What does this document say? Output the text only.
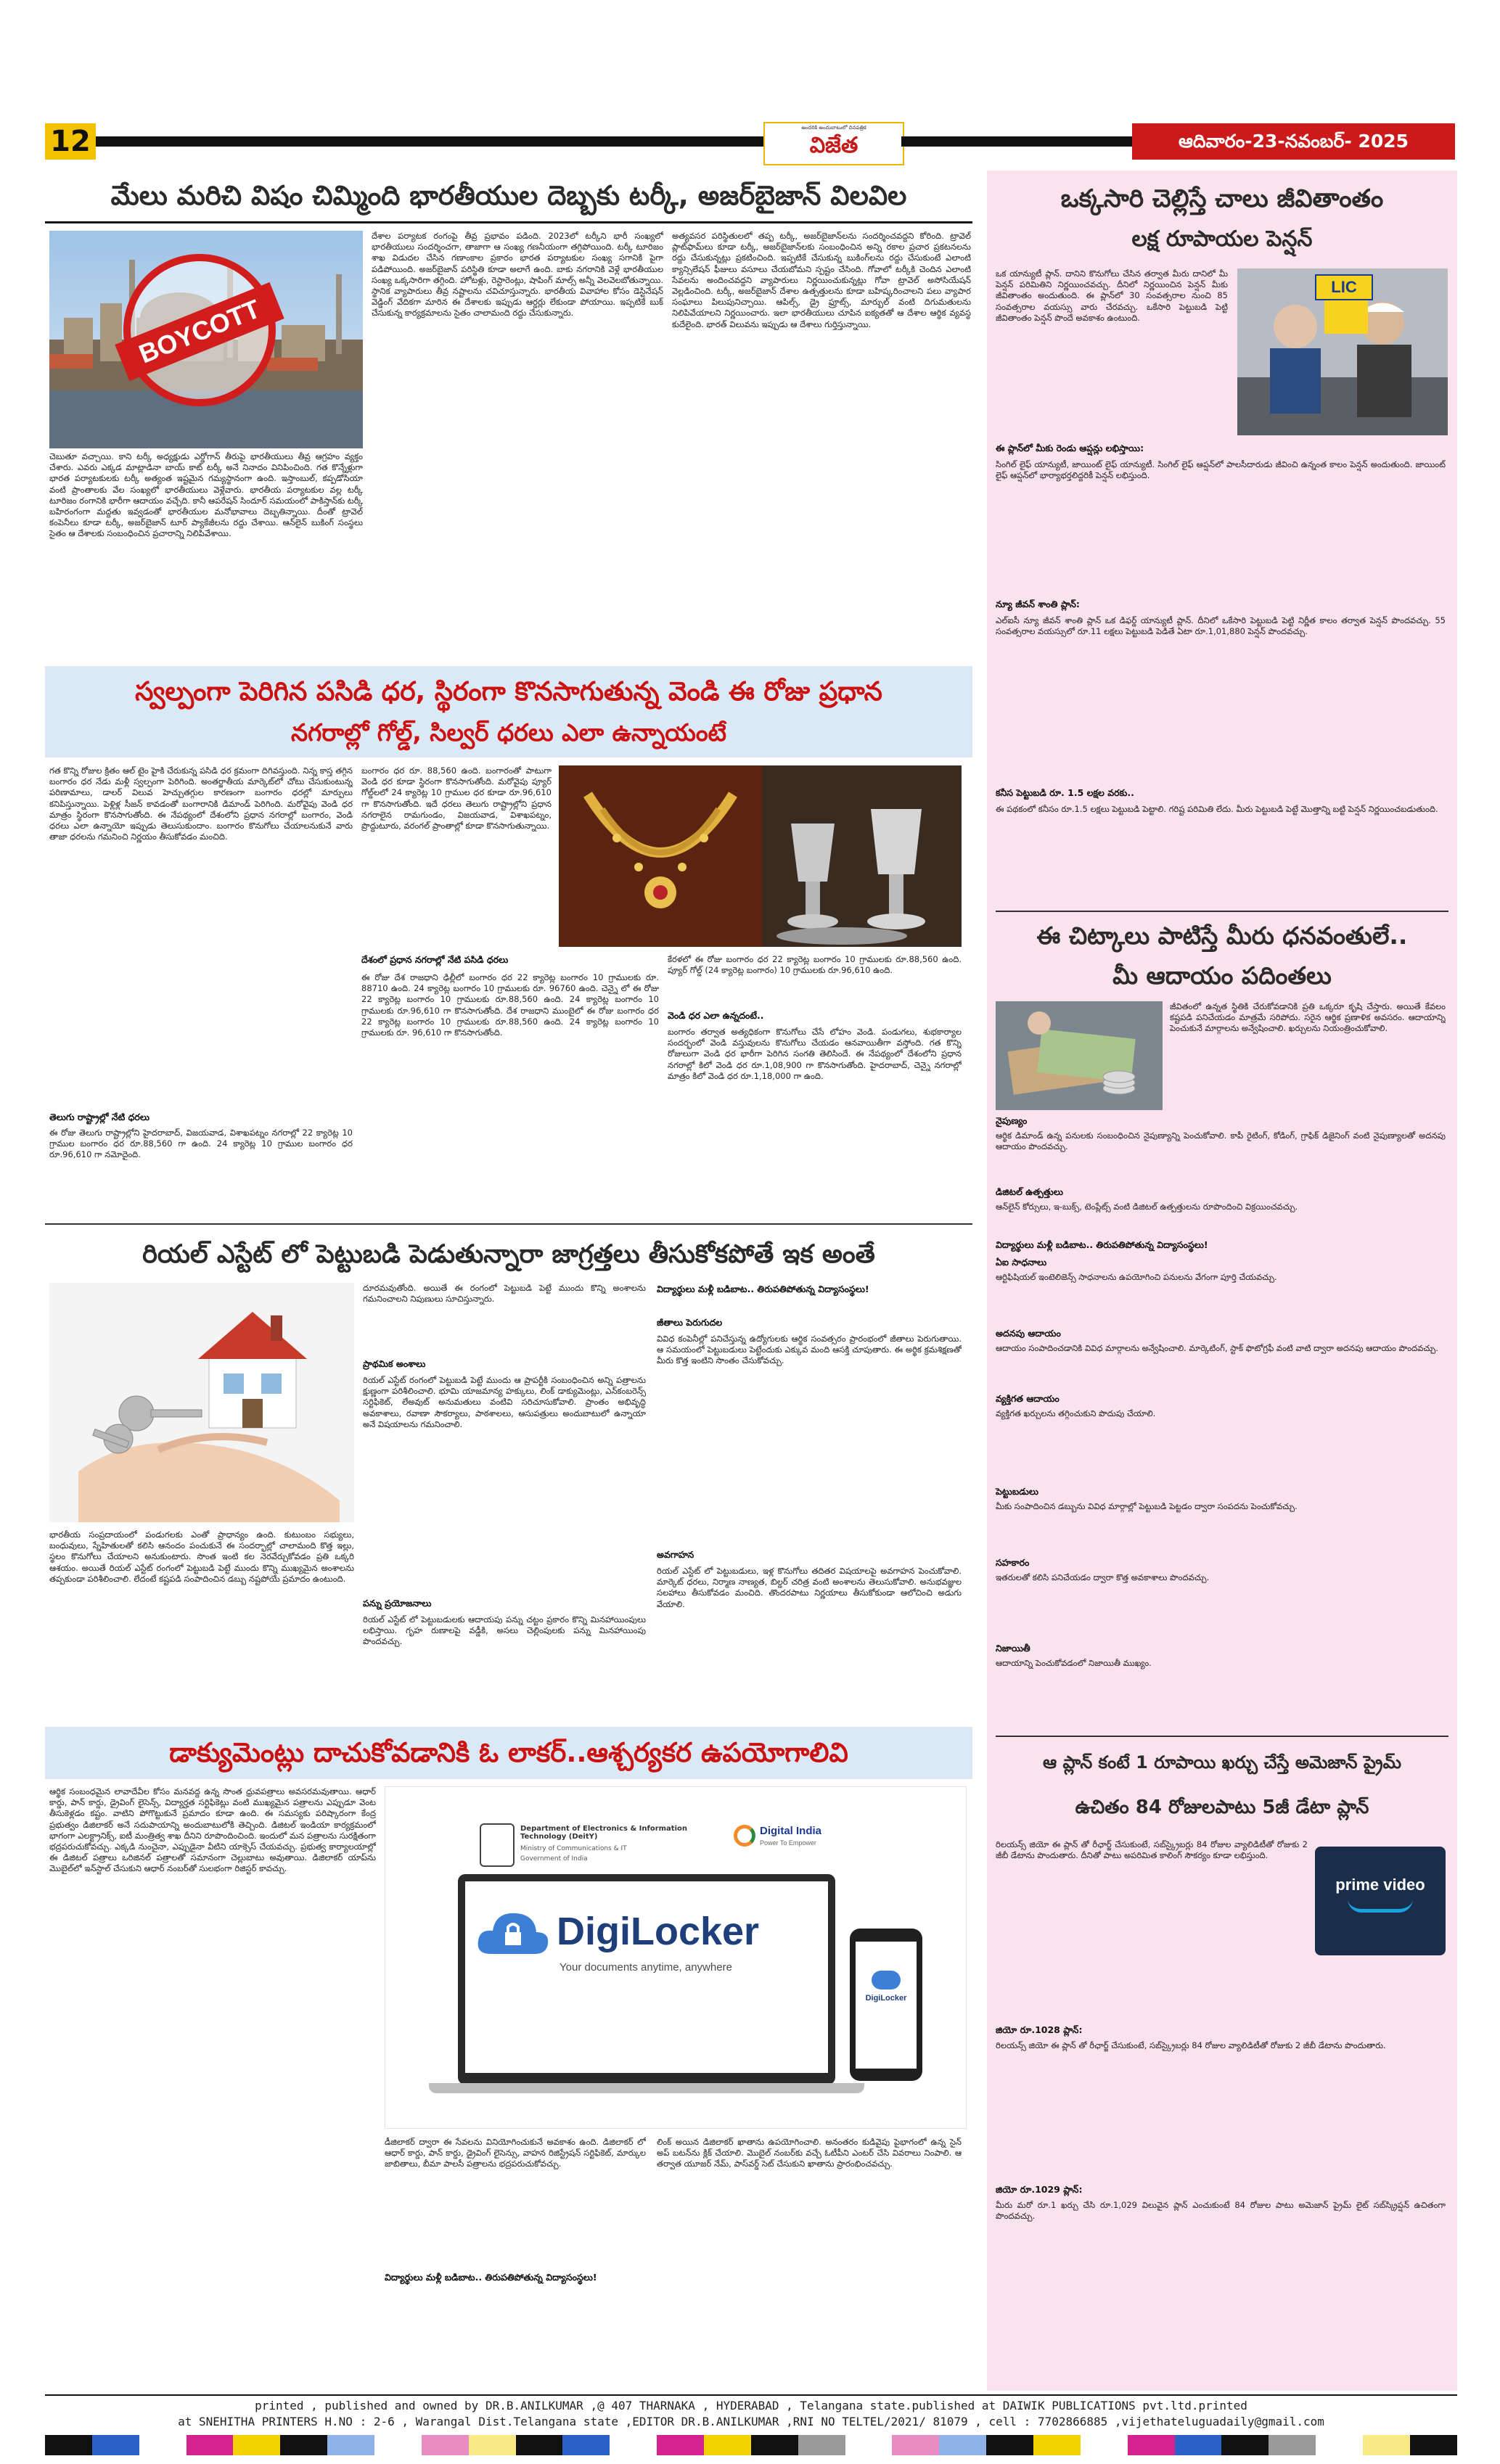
12	అందరికి అందుబాటులో దినపత్రిక
విజేత	ఆదివారం-23-నవంబర్- 2025
మేలు మరిచి విషం చిమ్మింది భారతీయుల దెబ్బకు టర్కీ, అజర్‌బైజాన్ విలవిల
BOYCOTT
చెబుతూ వచ్చాయి. కాని టర్కీ అధ్యక్షుడు ఎర్డోగాన్ తీరుపై భారతీయులు తీవ్ర ఆగ్రహం వ్యక్తం చేశారు. ఎవరు ఎక్కడ మాట్లాడినా బాయ్ కాట్ టర్కీ అనే నినాదం వినిపించింది. గత కొన్నేళ్లుగా భారత పర్యాటకులకు టర్కీ అత్యంత ఇష్టమైన గమ్యస్థానంగా ఉంది. ఇస్తాంబుల్, కప్పడోసియా వంటి ప్రాంతాలకు వేల సంఖ్యలో భారతీయులు వెళ్లేవారు. భారతీయ పర్యాటకుల వల్ల టర్కీ టూరిజం రంగానికి భారీగా ఆదాయం వచ్చేది. కానీ ఆపరేషన్ సిందూర్ సమయంలో పాకిస్తాన్‌కు టర్కీ బహిరంగంగా మద్దతు ఇవ్వడంతో భారతీయుల మనోభావాలు దెబ్బతిన్నాయి. దీంతో ట్రావెల్ కంపెనీలు కూడా టర్కీ, అజర్‌బైజాన్ టూర్ ప్యాకేజీలను రద్దు చేశాయి. ఆన్‌లైన్ బుకింగ్ సంస్థలు సైతం ఆ దేశాలకు సంబంధించిన ప్రచారాన్ని నిలిపివేశాయి.
దేశాల పర్యాటక రంగంపై తీవ్ర ప్రభావం పడింది. 2023లో టర్కీని భారీ సంఖ్యలో భారతీయులు సందర్శించగా, తాజాగా ఆ సంఖ్య గణనీయంగా తగ్గిపోయింది. టర్కీ టూరిజం శాఖ విడుదల చేసిన గణాంకాల ప్రకారం భారత పర్యాటకుల సంఖ్య సగానికి పైగా పడిపోయింది. అజర్‌బైజాన్ పరిస్థితి కూడా అలాగే ఉంది. బాకు నగరానికి వెళ్లే భారతీయుల సంఖ్య ఒక్కసారిగా తగ్గింది. హోటళ్లు, రెస్టారెంట్లు, షాపింగ్ మాల్స్ అన్నీ వెలవెలబోతున్నాయి. స్థానిక వ్యాపారులు తీవ్ర నష్టాలను చవిచూస్తున్నారు. భారతీయ వివాహాల కోసం డెస్టినేషన్ వెడ్డింగ్ వేదికగా మారిన ఈ దేశాలకు ఇప్పుడు ఆర్డర్లు లేకుండా పోయాయి. ఇప్పటికే బుక్ చేసుకున్న కార్యక్రమాలను సైతం చాలామంది రద్దు చేసుకున్నారు.
అత్యవసర పరిస్థితులలో తప్ప టర్కీ, అజర్‌బైజాన్‌లను సందర్శించవద్దని కోరింది. ట్రావెల్ ప్లాట్‌ఫామ్‌లు కూడా టర్కీ, అజర్‌బైజాన్‌లకు సంబంధించిన అన్ని రకాల ప్రచార ప్రకటనలను రద్దు చేసుకున్నట్లు ప్రకటించింది. ఇప్పటికే చేసుకున్న బుకింగ్‌లను రద్దు చేసుకుంటే ఎలాంటి క్యాన్సిలేషన్ ఫీజులు వసూలు చేయబోమని స్పష్టం చేసింది. గోవాలో టర్కీకి చెందిన ఎలాంటి సేవలను అందించవద్దని వ్యాపారులు నిర్ణయించుకున్నట్లు గోవా ట్రావెల్ అసోసియేషన్ వెల్లడించింది. టర్కీ, అజర్‌బైజాన్ దేశాల ఉత్పత్తులను కూడా బహిష్కరించాలని పలు వ్యాపార సంఘాలు పిలుపునిచ్చాయి. ఆపిల్స్, డ్రై ఫ్రూట్స్, మార్బుల్ వంటి దిగుమతులను నిలిపివేయాలని నిర్ణయించారు. ఇలా భారతీయులు చూపిన ఐక్యతతో ఆ దేశాల ఆర్థిక వ్యవస్థ కుదేలైంది. భారత్ విలువను ఇప్పుడు ఆ దేశాలు గుర్తిస్తున్నాయి.
స్వల్పంగా పెరిగిన పసిడి ధర, స్థిరంగా కొనసాగుతున్న వెండి ఈ రోజు ప్రధాన
నగరాల్లో గోల్డ్, సిల్వర్ ధరలు ఎలా ఉన్నాయంటే
గత కొన్ని రోజుల క్రితం ఆల్ టైం హైకి చేరుకున్న పసిడి ధర క్రమంగా దిగివస్తుంది. నిన్న కాస్త తగ్గిన బంగారం ధర నేడు మళ్లీ స్వల్పంగా పెరిగింది. అంతర్జాతీయ మార్కెట్‌లో చోటు చేసుకుంటున్న పరిణామాలు, డాలర్ విలువ హెచ్చుతగ్గుల కారణంగా బంగారం ధరల్లో మార్పులు కనిపిస్తున్నాయి. పెళ్లిళ్ల సీజన్ కావడంతో బంగారానికి డిమాండ్ పెరిగింది. మరోవైపు వెండి ధర మాత్రం స్థిరంగా కొనసాగుతోంది. ఈ నేపథ్యంలో దేశంలోని ప్రధాన నగరాల్లో బంగారం, వెండి ధరలు ఎలా ఉన్నాయో ఇప్పుడు తెలుసుకుందాం. బంగారం కొనుగోలు చేయాలనుకునే వారు తాజా ధరలను గమనించి నిర్ణయం తీసుకోవడం మంచిది.
తెలుగు రాష్ట్రాల్లో నేటి ధరలు
ఈ రోజు తెలుగు రాష్ట్రాల్లోని హైదరాబాద్, విజయవాడ, విశాఖపట్నం నగరాల్లో 22 క్యారెట్ల 10 గ్రాముల బంగారం ధర రూ.88,560 గా ఉంది. 24 క్యారెట్ల 10 గ్రాముల బంగారం ధర రూ.96,610 గా నమోదైంది.
బంగారం ధర రూ. 88,560 ఉంది. బంగారంతో పాటుగా వెండి ధర కూడా స్థిరంగా కొనసాగుతోంది. మరోవైపు ప్యూర్ గోల్డ్‌లలో 24 క్యారెట్ల 10 గ్రాముల ధర కూడా రూ.96,610 గా కొనసాగుతోంది. ఇదే ధరలు తెలుగు రాష్ట్రాల్లోని ప్రధాన నగరాలైన రామగుండం, విజయవాడ, విశాఖపట్నం, ప్రొద్దుటూరు, వరంగల్ ప్రాంతాల్లో కూడా కొనసాగుతున్నాయి.
దేశంలో ప్రధాన నగరాల్లో నేటి పసిడి ధరలు
ఈ రోజు దేశ రాజధాని ఢిల్లీలో బంగారం ధర 22 క్యారెట్ల బంగారం 10 గ్రాములకు రూ. 88710 ఉంది. 24 క్యారెట్ల బంగారం 10 గ్రాములకు రూ. 96760 ఉంది. చెన్నై లో ఈ రోజు 22 క్యారెట్ల బంగారం 10 గ్రాములకు రూ.88,560 ఉంది. 24 క్యారెట్ల బంగారం 10 గ్రాములకు రూ.96,610 గా కొనసాగుతోంది. దేశ రాజధాని ముంబైలో ఈ రోజు బంగారం ధర 22 క్యారెట్ల బంగారం 10 గ్రాములకు రూ.88,560 ఉంది. 24 క్యారెట్ల బంగారం 10 గ్రాములకు రూ. 96,610 గా కొనసాగుతోంది.
కేరళలో ఈ రోజు బంగారం ధర 22 క్యారెట్ల బంగారం 10 గ్రాములకు రూ.88,560 ఉంది. ప్యూర్ గోల్డ్ (24 క్యారెట్ల బంగారం) 10 గ్రాములకు రూ.96,610 ఉంది.
వెండి ధర ఎలా ఉన్నదంటే..
బంగారం తర్వాత అత్యధికంగా కొనుగోలు చేసే లోహం వెండి. పండుగలు, శుభకార్యాల సందర్భంలో వెండి వస్తువులను కొనుగోలు చేయడం ఆనవాయితీగా వస్తోంది. గత కొన్ని రోజులుగా వెండి ధర భారీగా పెరిగిన సంగతి తెలిసిందే. ఈ నేపథ్యంలో దేశంలోని ప్రధాన నగరాల్లో కిలో వెండి ధర రూ.1,08,900 గా కొనసాగుతోంది. హైదరాబాద్, చెన్నై నగరాల్లో మాత్రం కిలో వెండి ధర రూ.1,18,000 గా ఉంది.
రియల్ ఎస్టేట్ లో పెట్టుబడి పెడుతున్నారా జాగ్రత్తలు తీసుకోకపోతే ఇక అంతే
భారతీయ సంప్రదాయంలో పండుగలకు ఎంతో ప్రాధాన్యం ఉంది. కుటుంబం సభ్యులు, బంధువులు, స్నేహితులతో కలిసి ఆనందం పంచుకునే ఈ సందర్భాల్లో చాలామంది కొత్త ఇల్లు, స్థలం కొనుగోలు చేయాలని అనుకుంటారు. సొంత ఇంటి కల నెరవేర్చుకోవడం ప్రతి ఒక్కరి ఆశయం. అయితే రియల్ ఎస్టేట్ రంగంలో పెట్టుబడి పెట్టే ముందు కొన్ని ముఖ్యమైన అంశాలను తప్పకుండా పరిశీలించాలి. లేదంటే కష్టపడి సంపాదించిన డబ్బు నష్టపోయే ప్రమాదం ఉంటుంది.
దూరమవుతోంది. అయితే ఈ రంగంలో పెట్టుబడి పెట్టే ముందు కొన్ని అంశాలను గమనించాలని నిపుణులు సూచిస్తున్నారు.
ప్రాథమిక అంశాలు
రియల్ ఎస్టేట్ రంగంలో పెట్టుబడి పెట్టే ముందు ఆ ప్రాపర్టీకి సంబంధించిన అన్ని పత్రాలను క్షుణ్ణంగా పరిశీలించాలి. భూమి యాజమాన్య హక్కులు, లింక్ డాక్యుమెంట్లు, ఎన్‌కంబరెన్స్ సర్టిఫికెట్, లేఅవుట్ అనుమతులు వంటివి సరిచూసుకోవాలి. ప్రాంతం అభివృద్ధి అవకాశాలు, రవాణా సౌకర్యాలు, పాఠశాలలు, ఆసుపత్రులు అందుబాటులో ఉన్నాయా అనే విషయాలను గమనించాలి.
పన్ను ప్రయోజనాలు
రియల్ ఎస్టేట్ లో పెట్టుబడులకు ఆదాయపు పన్ను చట్టం ప్రకారం కొన్ని మినహాయింపులు లభిస్తాయి. గృహ రుణాలపై వడ్డీకి, అసలు చెల్లింపులకు పన్ను మినహాయింపు పొందవచ్చు.
విద్యార్థులు మళ్లీ బడిబాట.. తిరుపతిపోతున్న విద్యాసంస్థలు!
జీతాలు పెరుగుదల
వివిధ కంపెనీల్లో పనిచేస్తున్న ఉద్యోగులకు ఆర్థిక సంవత్సరం ప్రారంభంలో జీతాలు పెరుగుతాయి. ఆ సమయంలో పెట్టుబడులు పెట్టేందుకు ఎక్కువ మంది ఆసక్తి చూపుతారు. ఈ అర్థిక క్రమశిక్షణతో మీరు కొత్త ఇంటిని సొంతం చేసుకోవచ్చు.
అవగాహన
రియల్ ఎస్టేట్ లో పెట్టుబడులు, ఇళ్ల కొనుగోలు తదితర విషయాలపై అవగాహన పెంచుకోవాలి. మార్కెట్ ధరలు, నిర్మాణ నాణ్యత, బిల్డర్ చరిత్ర వంటి అంశాలను తెలుసుకోవాలి. అనుభవజ్ఞుల సలహాలు తీసుకోవడం మంచిది. తొందరపాటు నిర్ణయాలు తీసుకోకుండా ఆలోచించి అడుగు వేయాలి.
డాక్యుమెంట్లు దాచుకోవడానికి ఓ లాకర్..ఆశ్చర్యకర ఉపయోగాలివి
ఆర్థిక సంబంధమైన లావాదేవీల కోసం మనవద్ద ఉన్న సొంత ధ్రువపత్రాలు అవసరమవుతాయి. ఆధార్ కార్డు, పాన్ కార్డు, డ్రైవింగ్ లైసెన్స్, విద్యార్హత సర్టిఫికెట్లు వంటి ముఖ్యమైన పత్రాలను ఎప్పుడూ వెంట తీసుకెళ్లడం కష్టం. వాటిని పోగొట్టుకునే ప్రమాదం కూడా ఉంది. ఈ సమస్యకు పరిష్కారంగా కేంద్ర ప్రభుత్వం డిజిలాకర్ అనే సదుపాయాన్ని అందుబాటులోకి తెచ్చింది. డిజిటల్ ఇండియా కార్యక్రమంలో భాగంగా ఎలక్ట్రానిక్స్, ఐటీ మంత్రిత్వ శాఖ దీనిని రూపొందించింది. ఇందులో మన పత్రాలను సురక్షితంగా భద్రపరుచుకోవచ్చు. ఎక్కడి నుంచైనా, ఎప్పుడైనా వీటిని యాక్సెస్ చేయవచ్చు. ప్రభుత్వ కార్యాలయాల్లో ఈ డిజిటల్ పత్రాలు ఒరిజినల్ పత్రాలతో సమానంగా చెల్లుబాటు అవుతాయి. డిజిలాకర్ యాప్‌ను మొబైల్‌లో ఇన్‌స్టాల్ చేసుకుని ఆధార్ నంబర్‌తో సులభంగా రిజిస్టర్ కావచ్చు.
Department of Electronics & Information Technology (DeitY)
Ministry of Communications & IT
Government of India
Digital India
Power To Empower
DigiLocker
Your documents anytime, anywhere
DigiLocker
డీజిలాకర్ ద్వారా ఈ సేవలను వినియోగించుకునే అవకాశం ఉంది. డిజిలాకర్ లో ఆధార్ కార్డు, పాన్ కార్డు, డ్రైవింగ్ లైసెన్సు, వాహన రిజిస్ట్రేషన్ సర్టిఫికెట్, మార్కుల జాబితాలు, బీమా పాలసీ పత్రాలను భద్రపరుచుకోవచ్చు.
విద్యార్థులు మళ్లీ బడిబాట.. తిరుపతిపోతున్న విద్యాసంస్థలు!
లింక్ అయిన డిజిలాకర్ ఖాతాను ఉపయోగించాలి. అనంతరం కుడివైపు పైభాగంలో ఉన్న సైన్ అప్ బటన్‌ను క్లిక్ చేయాలి. మొబైల్ నంబర్‌కు వచ్చే ఓటీపీని ఎంటర్ చేసి వివరాలు నింపాలి. ఆ తర్వాత యూజర్ నేమ్, పాస్‌వర్డ్ సెట్ చేసుకుని ఖాతాను ప్రారంభించవచ్చు.
ఒక్కసారి చెల్లిస్తే చాలు జీవితాంతం
లక్ష రూపాయల పెన్షన్
ఒక యాన్యుటీ ప్లాన్. దానిని కొనుగోలు చేసిన తర్వాత మీరు దానిలో మీ పెన్షన్ పరిమితిని నిర్ణయించవచ్చు. దీనిలో నిర్ణయించిన పెన్షన్ మీకు జీవితాంతం అందుతుంది. ఈ ప్లాన్‌లో 30 సంవత్సరాల నుంచి 85 సంవత్సరాల వయస్సు వారు చేరవచ్చు. ఒకేసారి పెట్టుబడి పెట్టి జీవితాంతం పెన్షన్ పొందే అవకాశం ఉంటుంది.
LIC
ఈ ప్లాన్‌లో మీకు రెండు ఆప్షన్లు లభిస్తాయి:
సింగిల్ లైఫ్ యాన్యుటీ, జాయింట్ లైఫ్ యాన్యుటీ. సింగిల్ లైఫ్ ఆప్షన్‌లో పాలసీదారుడు జీవించి ఉన్నంత కాలం పెన్షన్ అందుతుంది. జాయింట్ లైఫ్ ఆప్షన్‌లో భార్యాభర్తలిద్దరికీ పెన్షన్ లభిస్తుంది.
న్యూ జీవన్ శాంతి ప్లాన్:
ఎల్ఐసీ న్యూ జీవన్ శాంతి ప్లాన్ ఒక డిఫర్డ్ యాన్యుటీ ప్లాన్. దీనిలో ఒకేసారి పెట్టుబడి పెట్టి నిర్ణీత కాలం తర్వాత పెన్షన్ పొందవచ్చు. 55 సంవత్సరాల వయస్సులో రూ.11 లక్షలు పెట్టుబడి పెడితే ఏటా రూ.1,01,880 పెన్షన్ పొందవచ్చు.
కనీస పెట్టుబడి రూ. 1.5 లక్షల వరకు..
ఈ పథకంలో కనీసం రూ.1.5 లక్షలు పెట్టుబడి పెట్టాలి. గరిష్ట పరిమితి లేదు. మీరు పెట్టుబడి పెట్టే మొత్తాన్ని బట్టి పెన్షన్ నిర్ణయించబడుతుంది.
ఈ చిట్కాలు పాటిస్తే మీరు ధనవంతులే..
మీ ఆదాయం పదింతలు
జీవితంలో ఉన్నత స్థితికి చేరుకోవడానికి ప్రతి ఒక్కరూ కృషి చేస్తారు. అయితే కేవలం కష్టపడి పనిచేయడం మాత్రమే సరిపోదు. సరైన ఆర్థిక ప్రణాళిక అవసరం. ఆదాయాన్ని పెంచుకునే మార్గాలను అన్వేషించాలి. ఖర్చులను నియంత్రించుకోవాలి.
నైపుణ్యం
ఆర్థిక డిమాండ్ ఉన్న పనులకు సంబంధించిన నైపుణ్యాన్ని పెంచుకోవాలి. కాపీ రైటింగ్, కోడింగ్, గ్రాఫిక్ డిజైనింగ్ వంటి నైపుణ్యాలతో అదనపు ఆదాయం పొందవచ్చు.
డిజిటల్ ఉత్పత్తులు
ఆన్‌లైన్ కోర్సులు, ఇ-బుక్స్, టెంప్లేట్స్ వంటి డిజిటల్ ఉత్పత్తులను రూపొందించి విక్రయించవచ్చు.
విద్యార్థులు మళ్లీ బడిబాట.. తిరుపతిపోతున్న విద్యాసంస్థలు!
ఏఐ సాధనాలు
ఆర్టిఫిషియల్ ఇంటెలిజెన్స్ సాధనాలను ఉపయోగించి పనులను వేగంగా పూర్తి చేయవచ్చు.
అదనపు ఆదాయం
ఆదాయం సంపాదించడానికి వివిధ మార్గాలను అన్వేషించాలి. మార్కెటింగ్, స్టాక్ ఫొటోగ్రఫీ వంటి వాటి ద్వారా అదనపు ఆదాయం పొందవచ్చు.
వ్యక్తిగత ఆదాయం
వ్యక్తిగత ఖర్చులను తగ్గించుకుని పొదుపు చేయాలి.
పెట్టుబడులు
మీకు సంపాదించిన డబ్బును వివిధ మార్గాల్లో పెట్టుబడి పెట్టడం ద్వారా సంపదను పెంచుకోవచ్చు.
సహకారం
ఇతరులతో కలిసి పనిచేయడం ద్వారా కొత్త అవకాశాలు పొందవచ్చు.
నిజాయితీ
ఆదాయాన్ని పెంచుకోవడంలో నిజాయితీ ముఖ్యం.
ఆ ప్లాన్ కంటే 1 రూపాయి ఖర్చు చేస్తే అమెజాన్ ప్రైమ్
ఉచితం 84 రోజులపాటు 5జీ డేటా ప్లాన్
రిలయన్స్ జియో ఈ ప్లాన్ తో రీఛార్జ్ చేసుకుంటే, సబ్‌స్క్రైబర్లు 84 రోజుల వ్యాలిడిటీతో రోజుకు 2 జీబీ డేటాను పొందుతారు. దీనితో పాటు అపరిమిత కాలింగ్ సౌకర్యం కూడా లభిస్తుంది.
prime video
జియో రూ.1028 ప్లాన్:
రిలయన్స్ జియో ఈ ప్లాన్ తో రీఛార్జ్ చేసుకుంటే, సబ్‌స్క్రైబర్లు 84 రోజుల వ్యాలిడిటీతో రోజుకు 2 జీబీ డేటాను పొందుతారు.
జియో రూ.1029 ప్లాన్:
మీరు మరో రూ.1 ఖర్చు చేసి రూ.1,029 విలువైన ప్లాన్ ఎంచుకుంటే 84 రోజుల పాటు అమెజాన్ ప్రైమ్ లైట్ సబ్‌స్క్రిప్షన్ ఉచితంగా పొందవచ్చు.
printed , published and owned by DR.B.ANILKUMAR ,@ 407 THARNAKA , HYDERABAD , Telangana state.published at DAIWIK PUBLICATIONS pvt.ltd.printed
at SNEHITHA PRINTERS H.NO : 2-6 , Warangal Dist.Telangana state ,EDITOR DR.B.ANILKUMAR ,RNI NO TELTEL/2021/ 81079 , cell : 7702866885 ,vijethateluguadaily@gmail.com
